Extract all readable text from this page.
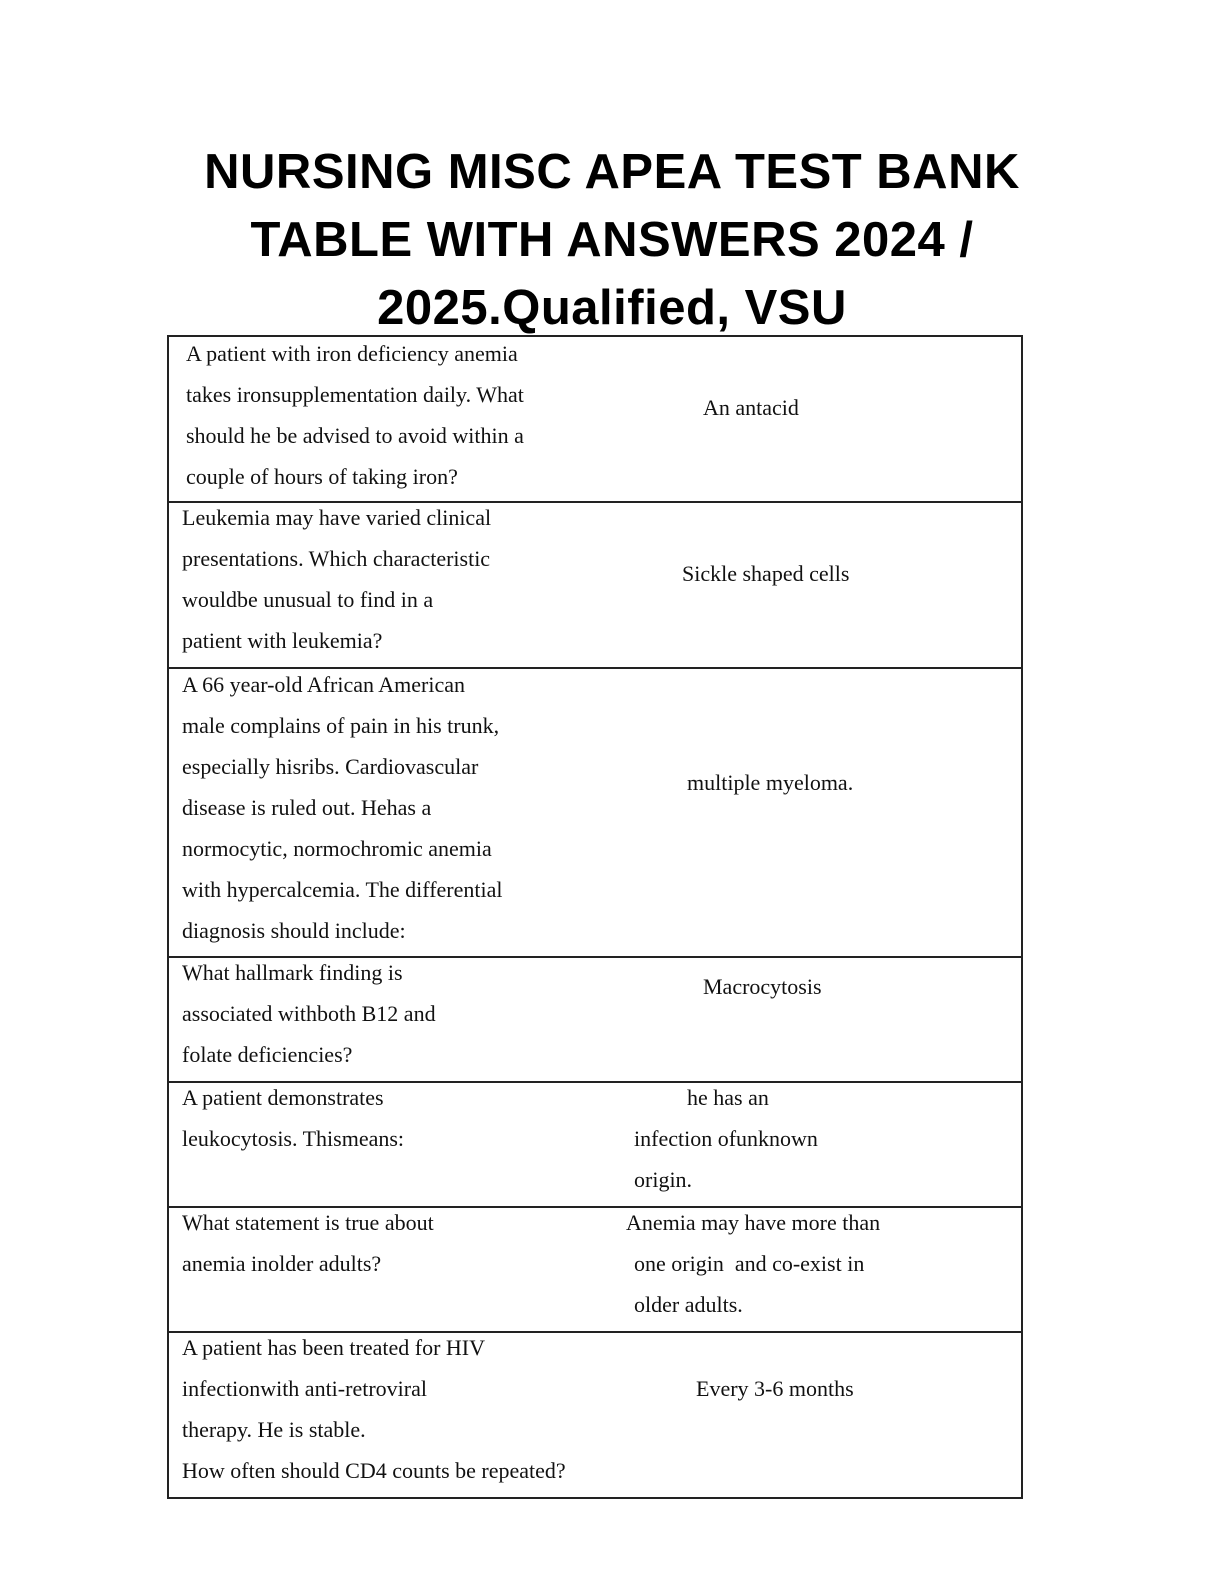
NURSING MISC APEA TEST BANK
TABLE WITH ANSWERS 2024 /
2025.Qualified, VSU
A patient with iron deficiency anemia
takes ironsupplementation daily. What
should he be advised to avoid within a
couple of hours of taking iron?
An antacid
Leukemia may have varied clinical
presentations. Which characteristic
wouldbe unusual to find in a
patient with leukemia?
Sickle shaped cells
A 66 year-old African American
male complains of pain in his trunk,
especially hisribs. Cardiovascular
disease is ruled out. Hehas a
normocytic, normochromic anemia
with hypercalcemia. The differential
diagnosis should include:
multiple myeloma.
What hallmark finding is
associated withboth B12 and
folate deficiencies?
Macrocytosis
A patient demonstrates
leukocytosis. Thismeans:
he has an
infection ofunknown
origin.
What statement is true about
anemia inolder adults?
Anemia may have more than
one origin  and co-exist in
older adults.
A patient has been treated for HIV
infectionwith anti-retroviral
therapy. He is stable.
How often should CD4 counts be repeated?
Every 3-6 months
